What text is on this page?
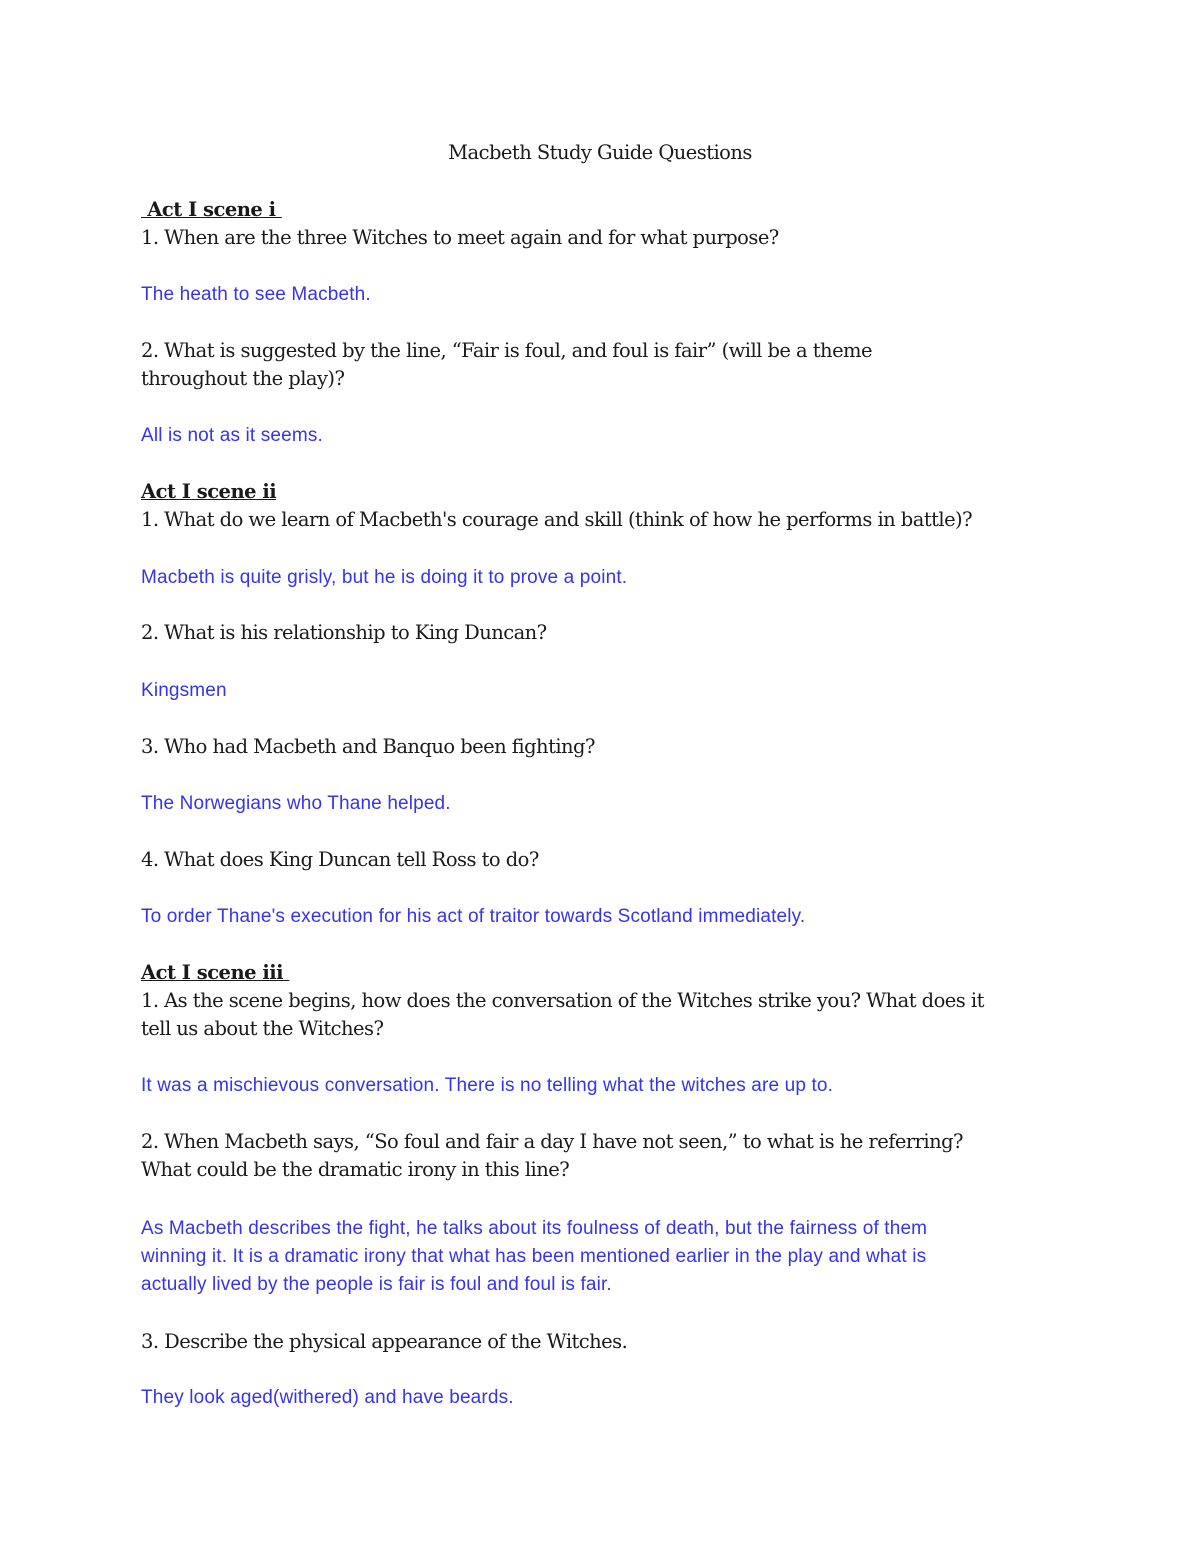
Macbeth Study Guide Questions
Act I scene i
1. When are the three Witches to meet again and for what purpose?
The heath to see Macbeth.
2. What is suggested by the line, “Fair is foul, and foul is fair” (will be a theme
throughout the play)?
All is not as it seems.
Act I scene ii
1. What do we learn of Macbeth's courage and skill (think of how he performs in battle)?
Macbeth is quite grisly, but he is doing it to prove a point.
2. What is his relationship to King Duncan?
Kingsmen
3. Who had Macbeth and Banquo been fighting?
The Norwegians who Thane helped.
4. What does King Duncan tell Ross to do?
To order Thane's execution for his act of traitor towards Scotland immediately.
Act I scene iii
1. As the scene begins, how does the conversation of the Witches strike you? What does it
tell us about the Witches?
It was a mischievous conversation. There is no telling what the witches are up to.
2. When Macbeth says, “So foul and fair a day I have not seen,” to what is he referring?
What could be the dramatic irony in this line?
As Macbeth describes the fight, he talks about its foulness of death, but the fairness of them
winning it. It is a dramatic irony that what has been mentioned earlier in the play and what is
actually lived by the people is fair is foul and foul is fair.
3. Describe the physical appearance of the Witches.
They look aged(withered) and have beards.
